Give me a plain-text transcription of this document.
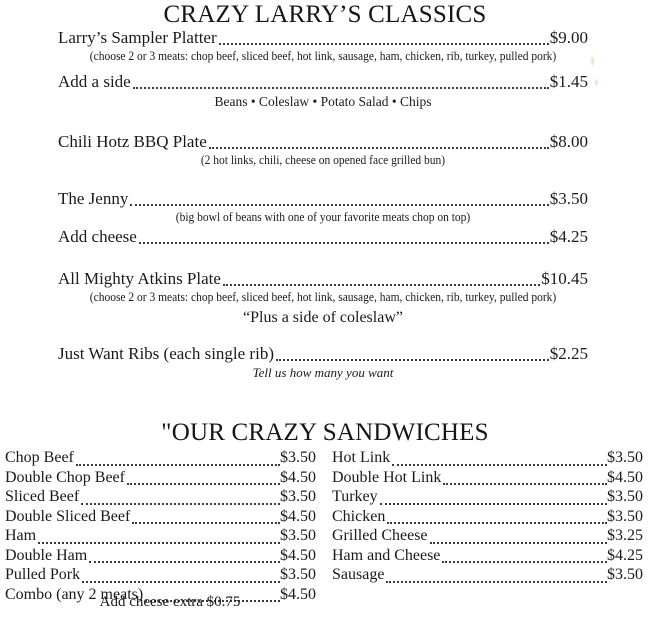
CRAZY LARRY’S CLASSICS
Larry’s Sampler Platter	$9.00
(choose 2 or 3 meats: chop beef, sliced beef, hot link, sausage, ham, chicken, rib, turkey, pulled pork)
Add a side	$1.45
Beans • Coleslaw • Potato Salad • Chips
Chili Hotz BBQ Plate	$8.00
(2 hot links, chili, cheese on opened face grilled bun)
The Jenny	$3.50
(big bowl of beans with one of your favorite meats chop on top)
Add cheese	$4.25
All Mighty Atkins Plate	$10.45
(choose 2 or 3 meats: chop beef, sliced beef, hot link, sausage, ham, chicken, rib, turkey, pulled pork)
“Plus a side of coleslaw”
Just Want Ribs (each single rib)	$2.25
Tell us how many you want
"OUR CRAZY SANDWICHES
Chop Beef	$3.50
Double Chop Beef	$4.50
Sliced Beef	$3.50
Double Sliced Beef	$4.50
Ham	$3.50
Double Ham	$4.50
Pulled Pork	$3.50
Combo (any 2 meats)	$4.50
Hot Link	$3.50
Double Hot Link	$4.50
Turkey	$3.50
Chicken	$3.50
Grilled Cheese	$3.25
Ham and Cheese	$4.25
Sausage	$3.50
Add cheese extra $0.75
